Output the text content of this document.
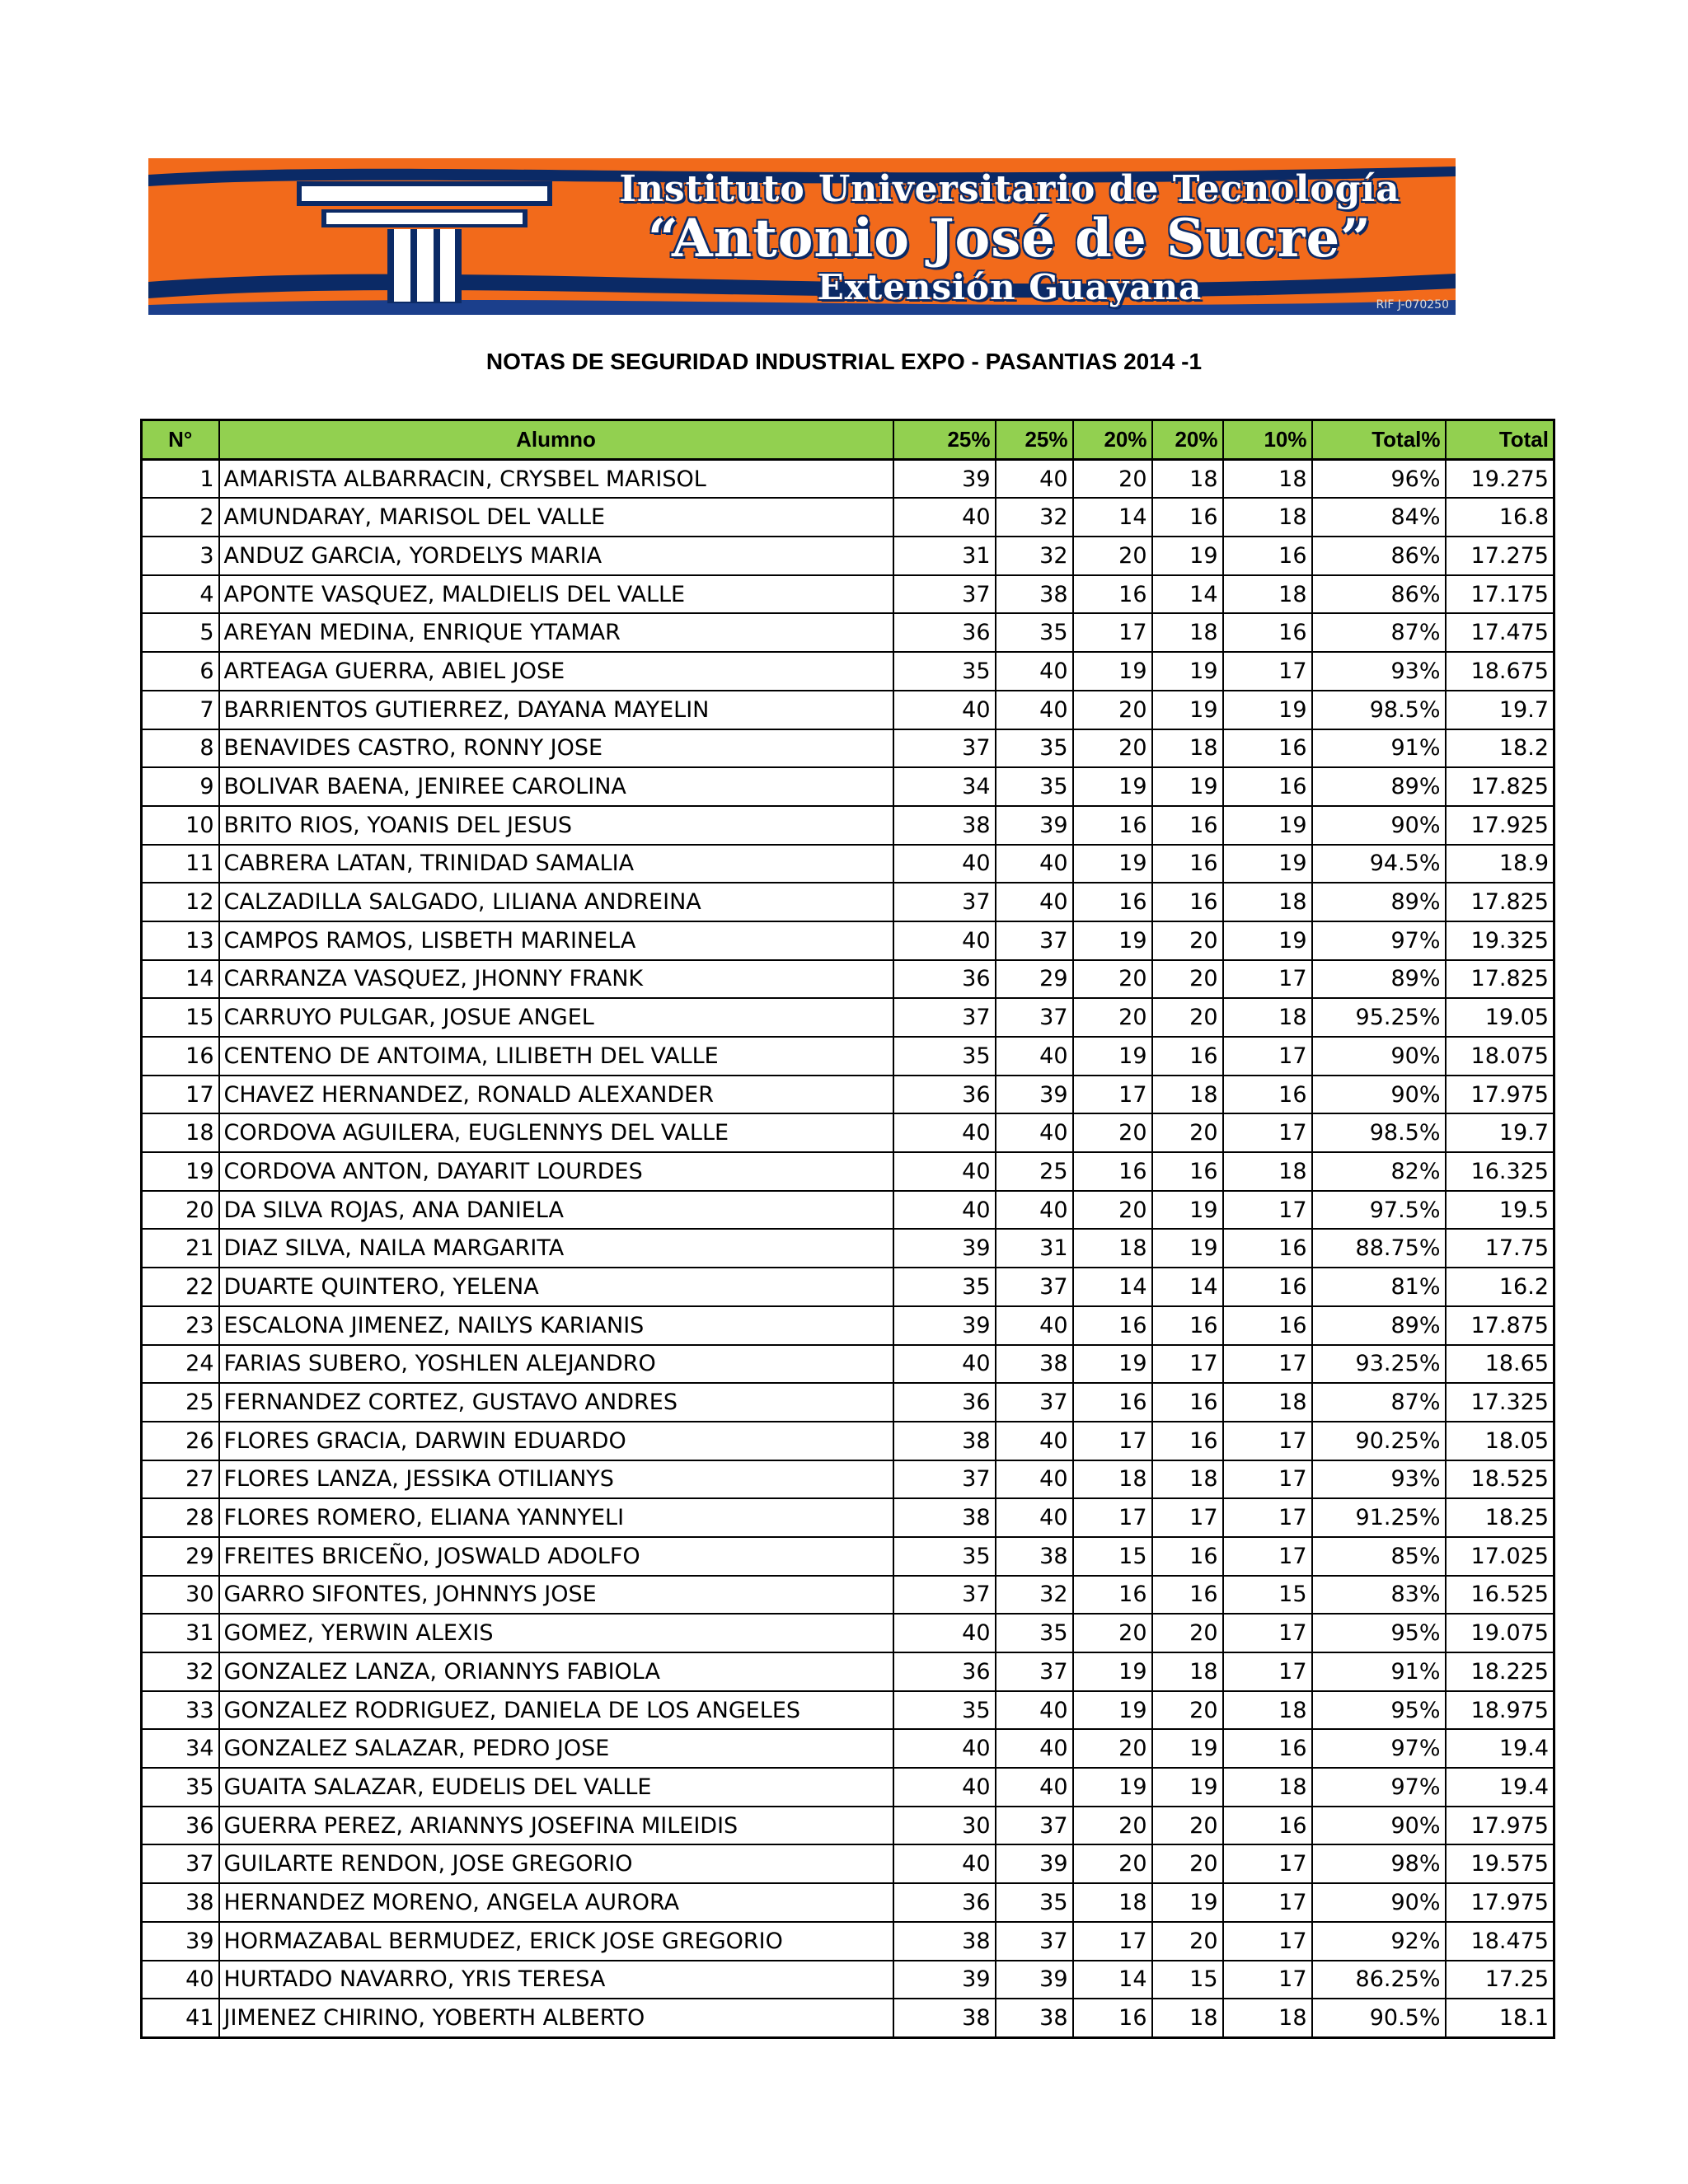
Instituto Universitario de Tecnología
“Antonio José de Sucre”
Extensión Guayana	RIF J-070250
NOTAS DE SEGURIDAD INDUSTRIAL EXPO - PASANTIAS 2014 -1
N°	Alumno	25%	25%	20%	20%	10%	Total%	Total
1	AMARISTA ALBARRACIN, CRYSBEL MARISOL	39	40	20	18	18	96%	19.275
2	AMUNDARAY, MARISOL DEL VALLE	40	32	14	16	18	84%	16.8
3	ANDUZ GARCIA, YORDELYS MARIA	31	32	20	19	16	86%	17.275
4	APONTE VASQUEZ, MALDIELIS DEL VALLE	37	38	16	14	18	86%	17.175
5	AREYAN MEDINA, ENRIQUE YTAMAR	36	35	17	18	16	87%	17.475
6	ARTEAGA GUERRA, ABIEL JOSE	35	40	19	19	17	93%	18.675
7	BARRIENTOS GUTIERREZ, DAYANA MAYELIN	40	40	20	19	19	98.5%	19.7
8	BENAVIDES CASTRO, RONNY JOSE	37	35	20	18	16	91%	18.2
9	BOLIVAR BAENA, JENIREE CAROLINA	34	35	19	19	16	89%	17.825
10	BRITO RIOS, YOANIS DEL JESUS	38	39	16	16	19	90%	17.925
11	CABRERA LATAN, TRINIDAD SAMALIA	40	40	19	16	19	94.5%	18.9
12	CALZADILLA SALGADO, LILIANA ANDREINA	37	40	16	16	18	89%	17.825
13	CAMPOS RAMOS, LISBETH MARINELA	40	37	19	20	19	97%	19.325
14	CARRANZA VASQUEZ, JHONNY FRANK	36	29	20	20	17	89%	17.825
15	CARRUYO PULGAR, JOSUE ANGEL	37	37	20	20	18	95.25%	19.05
16	CENTENO DE ANTOIMA, LILIBETH DEL VALLE	35	40	19	16	17	90%	18.075
17	CHAVEZ HERNANDEZ, RONALD ALEXANDER	36	39	17	18	16	90%	17.975
18	CORDOVA AGUILERA, EUGLENNYS DEL VALLE	40	40	20	20	17	98.5%	19.7
19	CORDOVA ANTON, DAYARIT LOURDES	40	25	16	16	18	82%	16.325
20	DA SILVA ROJAS, ANA DANIELA	40	40	20	19	17	97.5%	19.5
21	DIAZ SILVA, NAILA MARGARITA	39	31	18	19	16	88.75%	17.75
22	DUARTE QUINTERO, YELENA	35	37	14	14	16	81%	16.2
23	ESCALONA JIMENEZ, NAILYS KARIANIS	39	40	16	16	16	89%	17.875
24	FARIAS SUBERO, YOSHLEN ALEJANDRO	40	38	19	17	17	93.25%	18.65
25	FERNANDEZ CORTEZ, GUSTAVO ANDRES	36	37	16	16	18	87%	17.325
26	FLORES GRACIA, DARWIN EDUARDO	38	40	17	16	17	90.25%	18.05
27	FLORES LANZA, JESSIKA OTILIANYS	37	40	18	18	17	93%	18.525
28	FLORES ROMERO, ELIANA YANNYELI	38	40	17	17	17	91.25%	18.25
29	FREITES BRICEÑO, JOSWALD ADOLFO	35	38	15	16	17	85%	17.025
30	GARRO SIFONTES, JOHNNYS JOSE	37	32	16	16	15	83%	16.525
31	GOMEZ, YERWIN ALEXIS	40	35	20	20	17	95%	19.075
32	GONZALEZ LANZA, ORIANNYS FABIOLA	36	37	19	18	17	91%	18.225
33	GONZALEZ RODRIGUEZ, DANIELA DE LOS ANGELES	35	40	19	20	18	95%	18.975
34	GONZALEZ SALAZAR, PEDRO JOSE	40	40	20	19	16	97%	19.4
35	GUAITA SALAZAR, EUDELIS DEL VALLE	40	40	19	19	18	97%	19.4
36	GUERRA PEREZ, ARIANNYS JOSEFINA MILEIDIS	30	37	20	20	16	90%	17.975
37	GUILARTE RENDON, JOSE GREGORIO	40	39	20	20	17	98%	19.575
38	HERNANDEZ MORENO, ANGELA AURORA	36	35	18	19	17	90%	17.975
39	HORMAZABAL BERMUDEZ, ERICK JOSE GREGORIO	38	37	17	20	17	92%	18.475
40	HURTADO NAVARRO, YRIS TERESA	39	39	14	15	17	86.25%	17.25
41	JIMENEZ CHIRINO, YOBERTH ALBERTO	38	38	16	18	18	90.5%	18.1
